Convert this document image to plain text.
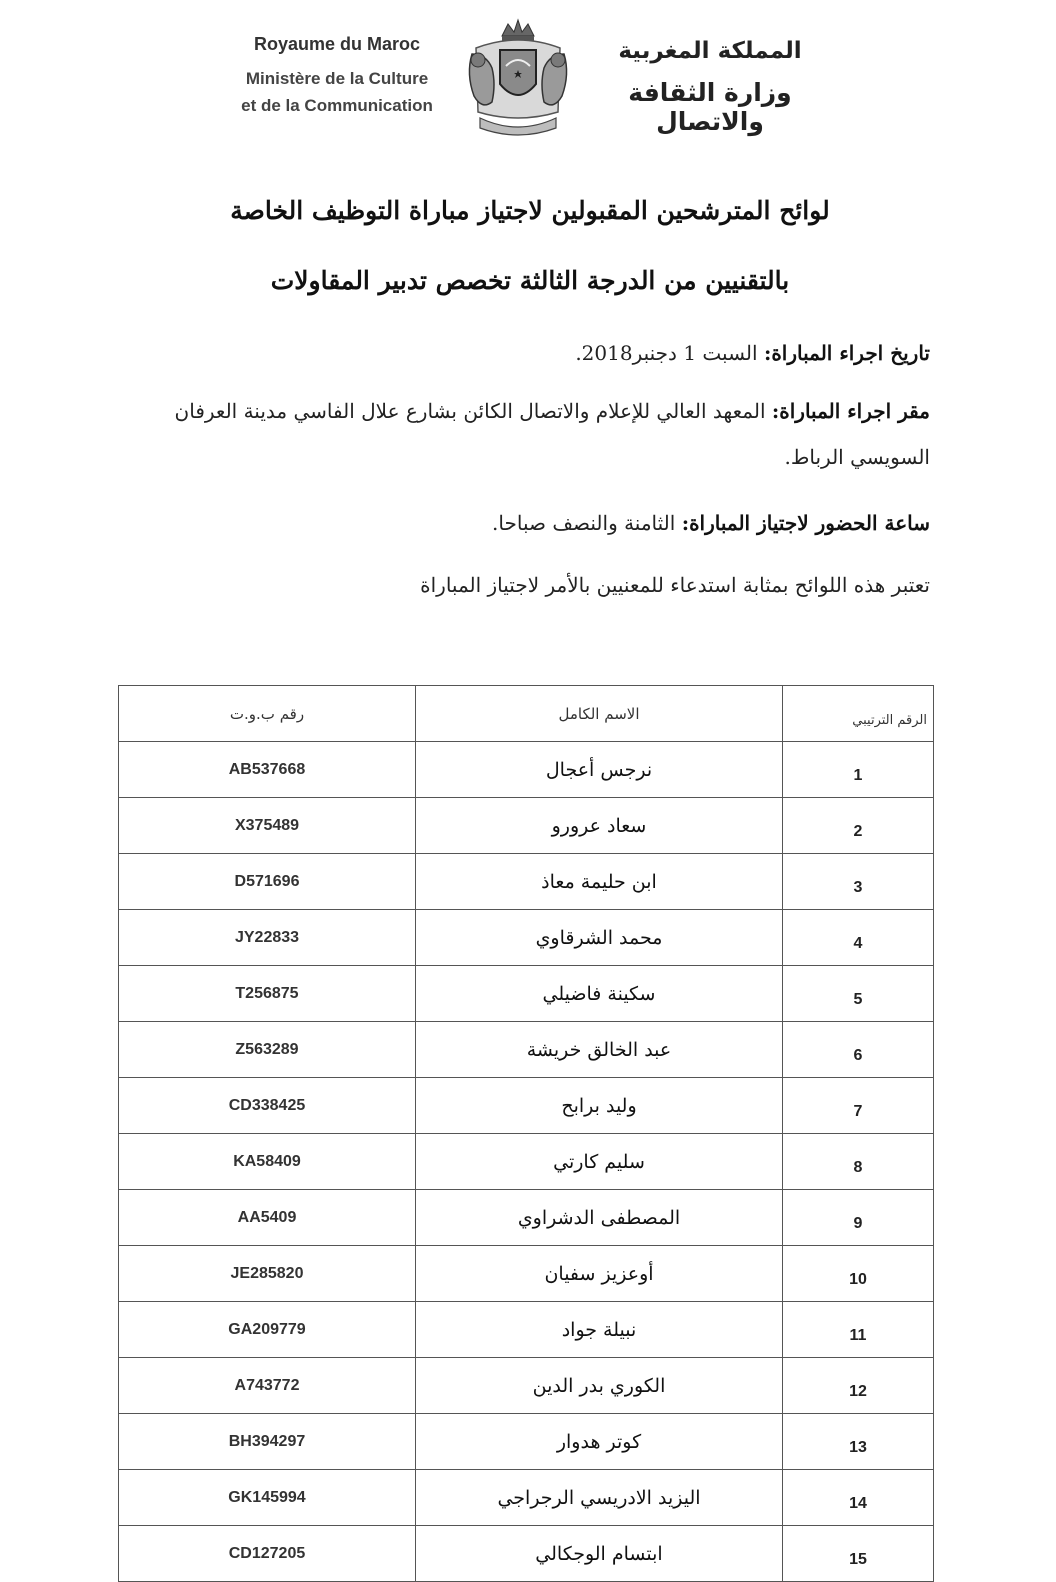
Royaume du Maroc
Ministère de la Culture
et de la Communication
المملكة المغربية
وزارة الثقافة والاتصال
لوائح المترشحين المقبولين لاجتياز مباراة التوظيف الخاصة
بالتقنيين من الدرجة الثالثة تخصص تدبير المقاولات
تاريخ اجراء المباراة: السبت 1 دجنبر2018.
مقر اجراء المباراة: المعهد العالي للإعلام والاتصال الكائن بشارع علال الفاسي مدينة العرفان السويسي الرباط.
ساعة الحضور لاجتياز المباراة: الثامنة والنصف صباحا.
تعتبر هذه اللوائح بمثابة استدعاء للمعنيين بالأمر لاجتياز المباراة
رقم ب.و.ت	الاسم الكامل	الرقم الترتيبي
AB537668	نرجس أعجال	1
X375489	سعاد عرورو	2
D571696	ابن حليمة معاذ	3
JY22833	محمد الشرقاوي	4
T256875	سكينة فاضيلي	5
Z563289	عبد الخالق خريشة	6
CD338425	وليد برابح	7
KA58409	سليم كارتي	8
AA5409	المصطفى الدشراوي	9
JE285820	أوعزيز سفيان	10
GA209779	نبيلة جواد	11
A743772	الكوري بدر الدين	12
BH394297	كوتر هدوار	13
GK145994	اليزيد الادريسي الرجراجي	14
CD127205	ابتسام الوجكالي	15
